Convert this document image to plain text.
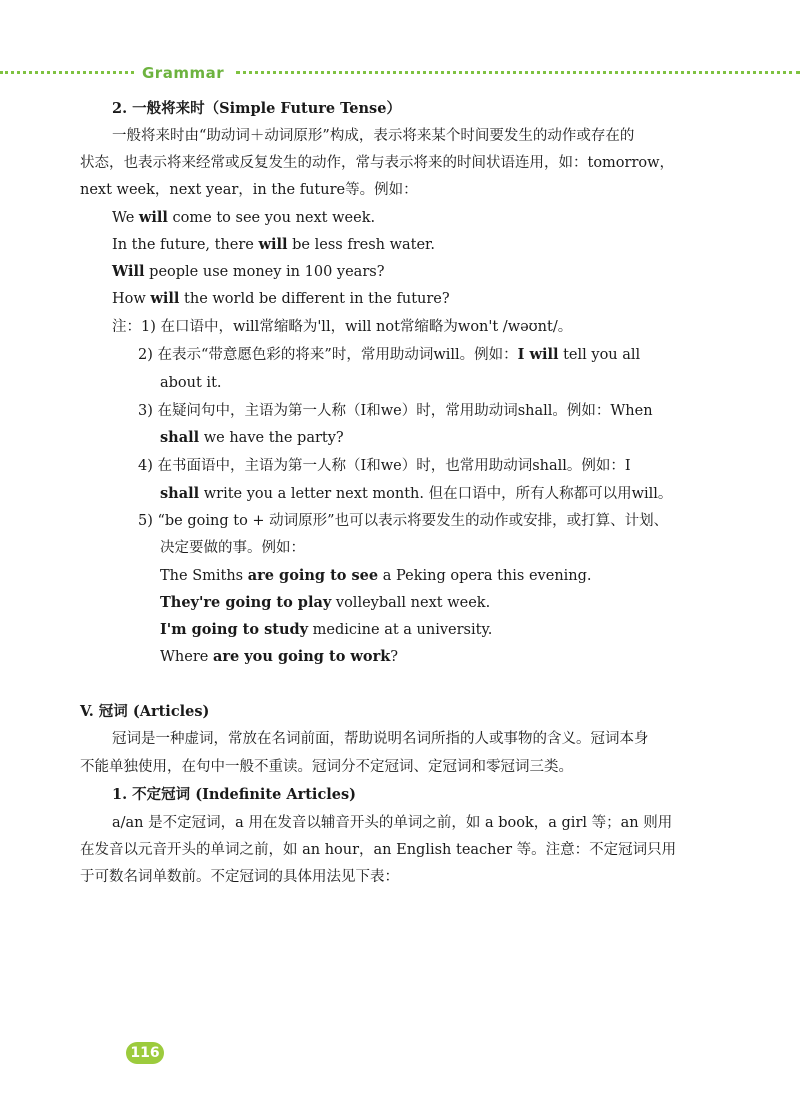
Grammar
2. 一般将来时（Simple Future Tense）
一般将来时由“助动词＋动词原形”构成，表示将来某个时间要发生的动作或存在的
状态，也表示将来经常或反复发生的动作，常与表示将来的时间状语连用，如：tomorrow，
next week，next year，in the future等。例如：
We will come to see you next week.
In the future, there will be less fresh water.
Will people use money in 100 years?
How will the world be different in the future?
注：1) 在口语中，will常缩略为'll，will not常缩略为won't /wəʊnt/。
2) 在表示“带意愿色彩的将来”时，常用助动词will。例如：I will tell you all
about it.
3) 在疑问句中，主语为第一人称（I和we）时，常用助动词shall。例如：When
shall we have the party?
4) 在书面语中，主语为第一人称（I和we）时，也常用助动词shall。例如：I
shall write you a letter next month. 但在口语中，所有人称都可以用will。
5) “be going to + 动词原形”也可以表示将要发生的动作或安排，或打算、计划、
决定要做的事。例如：
The Smiths are going to see a Peking opera this evening.
They're going to play volleyball next week.
I'm going to study medicine at a university.
Where are you going to work?
V. 冠词 (Articles)
冠词是一种虚词，常放在名词前面，帮助说明名词所指的人或事物的含义。冠词本身
不能单独使用，在句中一般不重读。冠词分不定冠词、定冠词和零冠词三类。
1. 不定冠词 (Indefinite Articles)
a/an 是不定冠词，a 用在发音以辅音开头的单词之前，如 a book，a girl 等；an 则用
在发音以元音开头的单词之前，如 an hour，an English teacher 等。注意：不定冠词只用
于可数名词单数前。不定冠词的具体用法见下表：
116
